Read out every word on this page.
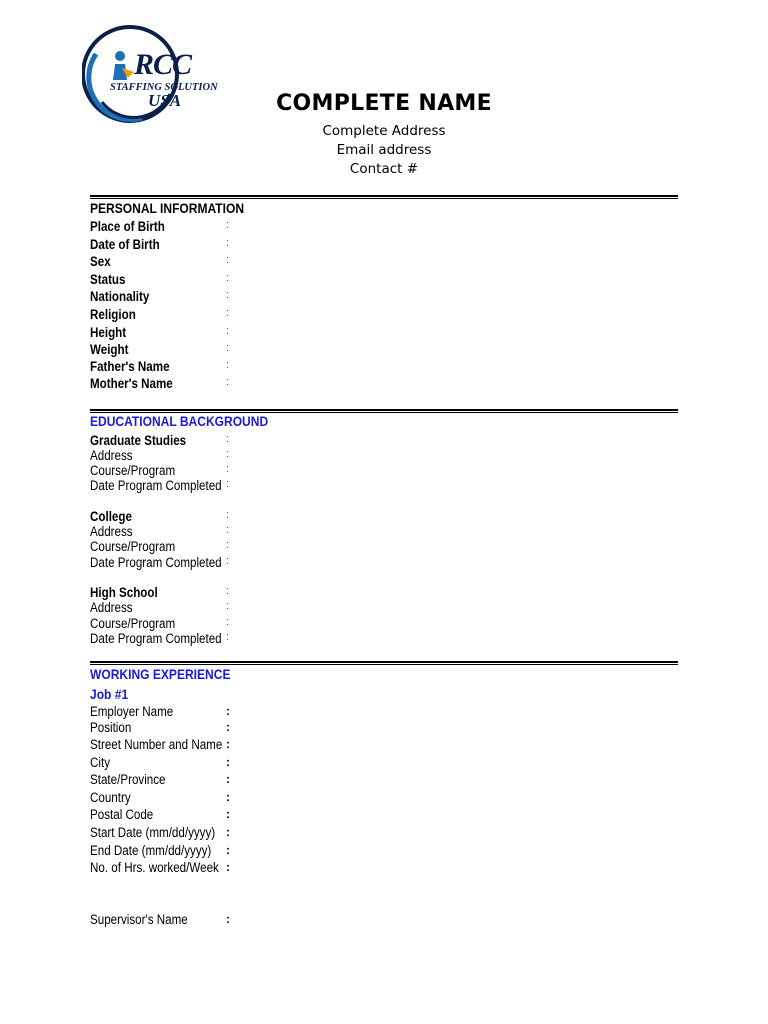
RCC
STAFFING SOLUTION
USA	COMPLETE NAME
Complete Address
Email address
Contact #
PERSONAL INFORMATION
Place of Birth	:
Date of Birth	:
Sex	:
Status	:
Nationality	:
Religion	:
Height	:
Weight	:
Father's Name	:
Mother's Name	:
EDUCATIONAL BACKGROUND
Graduate Studies	:
Address	:
Course/Program	:
Date Program Completed :
College	:
Address	:
Course/Program	:
Date Program Completed :
High School	:
Address	:
Course/Program	:
Date Program Completed :
WORKING EXPERIENCE
Job #1
Employer Name	:
Position	:
Street Number and Name :
City	:
State/Province	:
Country	:
Postal Code	:
Start Date (mm/dd/yyyy) :
End Date (mm/dd/yyyy) :
No. of Hrs. worked/Week :
Supervisor's Name	:
